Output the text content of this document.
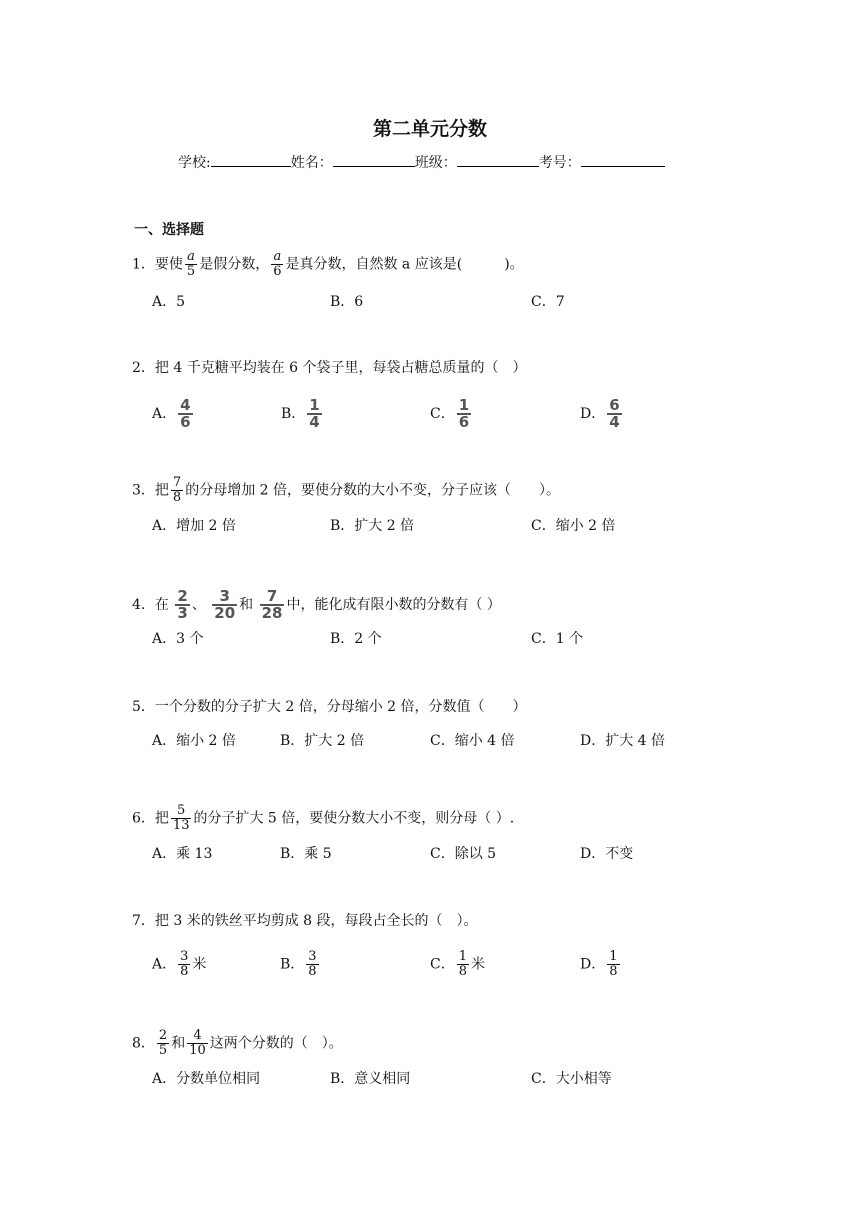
第二单元分数
学校:	姓名：	班级：	考号：
一、选择题
1．要使 $\frac{a}{5}$ 是假分数， $\frac{a}{6}$ 是真分数，自然数 a 应该是(　　　)。
A．5	B．6	C．7
2．把 4 千克糖平均装在 6 个袋子里，每袋占糖总质量的（　）
A． $\frac{4}{6}$	B． $\frac{1}{4}$	C． $\frac{1}{6}$	D． $\frac{6}{4}$
3．把 $\frac{7}{8}$ 的分母增加 2 倍，要使分数的大小不变，分子应该（　　）。
A．增加 2 倍	B．扩大 2 倍	C．缩小 2 倍
4．在 $\frac{2}{3}$ 、 $\frac{3}{20}$ 和 $\frac{7}{28}$ 中，能化成有限小数的分数有（ ）
A．3 个	B．2 个	C．1 个
5．一个分数的分子扩大 2 倍，分母缩小 2 倍，分数值（　　）
A．缩小 2 倍	B．扩大 2 倍	C．缩小 4 倍	D．扩大 4 倍
6．把 $\frac{5}{13}$ 的分子扩大 5 倍，要使分数大小不变，则分母（ ）.
A．乘 13	B．乘 5	C．除以 5	D．不变
7．把 3 米的铁丝平均剪成 8 段，每段占全长的（　）。
A． $\frac{3}{8}$ 米	B． $\frac{3}{8}$	C． $\frac{1}{8}$ 米	D． $\frac{1}{8}$
8． $\frac{2}{5}$ 和 $\frac{4}{10}$ 这两个分数的（　）。
A．分数单位相同	B．意义相同	C．大小相等
